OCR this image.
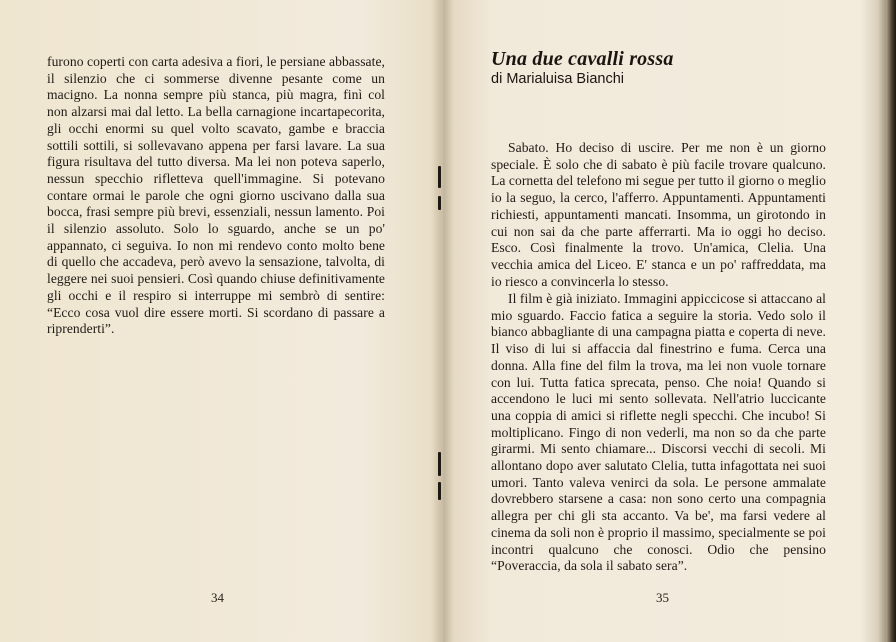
furono coperti con carta adesiva a fiori, le persiane abbassate, il silenzio che ci sommerse divenne pesante come un macigno. La nonna sempre più stanca, più magra, finì col non alzarsi mai dal letto. La bella carnagione incartapecorita, gli occhi enormi su quel volto scavato, gambe e braccia sottili sottili, si sollevavano appena per farsi lavare. La sua figura risultava del tutto diversa. Ma lei non poteva saperlo, nessun specchio rifletteva quell'immagine. Si potevano contare ormai le parole che ogni giorno uscivano dalla sua bocca, frasi sempre più brevi, essenziali, nessun lamento. Poi il silenzio assoluto. Solo lo sguardo, anche se un po' appannato, ci seguiva. Io non mi rendevo conto molto bene di quello che accadeva, però avevo la sensazione, talvolta, di leggere nei suoi pensieri. Così quando chiuse definitivamente gli occhi e il respiro si interruppe mi sembrò di sentire: “Ecco cosa vuol dire essere morti. Si scordano di passare a riprenderti”.

34
Una due cavalli rossa
di Marialuisa Bianchi

Sabato. Ho deciso di uscire. Per me non è un giorno speciale. È solo che di sabato è più facile trovare qualcuno. La cornetta del telefono mi segue per tutto il giorno o meglio io la seguo, la cerco, l'afferro. Appuntamenti. Appuntamenti richiesti, appuntamenti mancati. Insomma, un girotondo in cui non sai da che parte afferrarti. Ma io oggi ho deciso. Esco. Così finalmente la trovo. Un'amica, Clelia. Una vecchia amica del Liceo. E' stanca e un po' raffreddata, ma io riesco a convincerla lo stesso.

Il film è già iniziato. Immagini appiccicose si attaccano al mio sguardo. Faccio fatica a seguire la storia. Vedo solo il bianco abbagliante di una campagna piatta e coperta di neve. Il viso di lui si affaccia dal finestrino e fuma. Cerca una donna. Alla fine del film la trova, ma lei non vuole tornare con lui. Tutta fatica sprecata, penso. Che noia! Quando si accendono le luci mi sento sollevata. Nell'atrio luccicante una coppia di amici si riflette negli specchi. Che incubo! Si moltiplicano. Fingo di non vederli, ma non so da che parte girarmi. Mi sento chiamare... Discorsi vecchi di secoli. Mi allontano dopo aver salutato Clelia, tutta infagottata nei suoi umori. Tanto valeva venirci da sola. Le persone ammalate dovrebbero starsene a casa: non sono certo una compagnia allegra per chi gli sta accanto. Va be', ma farsi vedere al cinema da soli non è proprio il massimo, specialmente se poi incontri qualcuno che conosci. Odio che pensino “Poveraccia, da sola il sabato sera”.

35
